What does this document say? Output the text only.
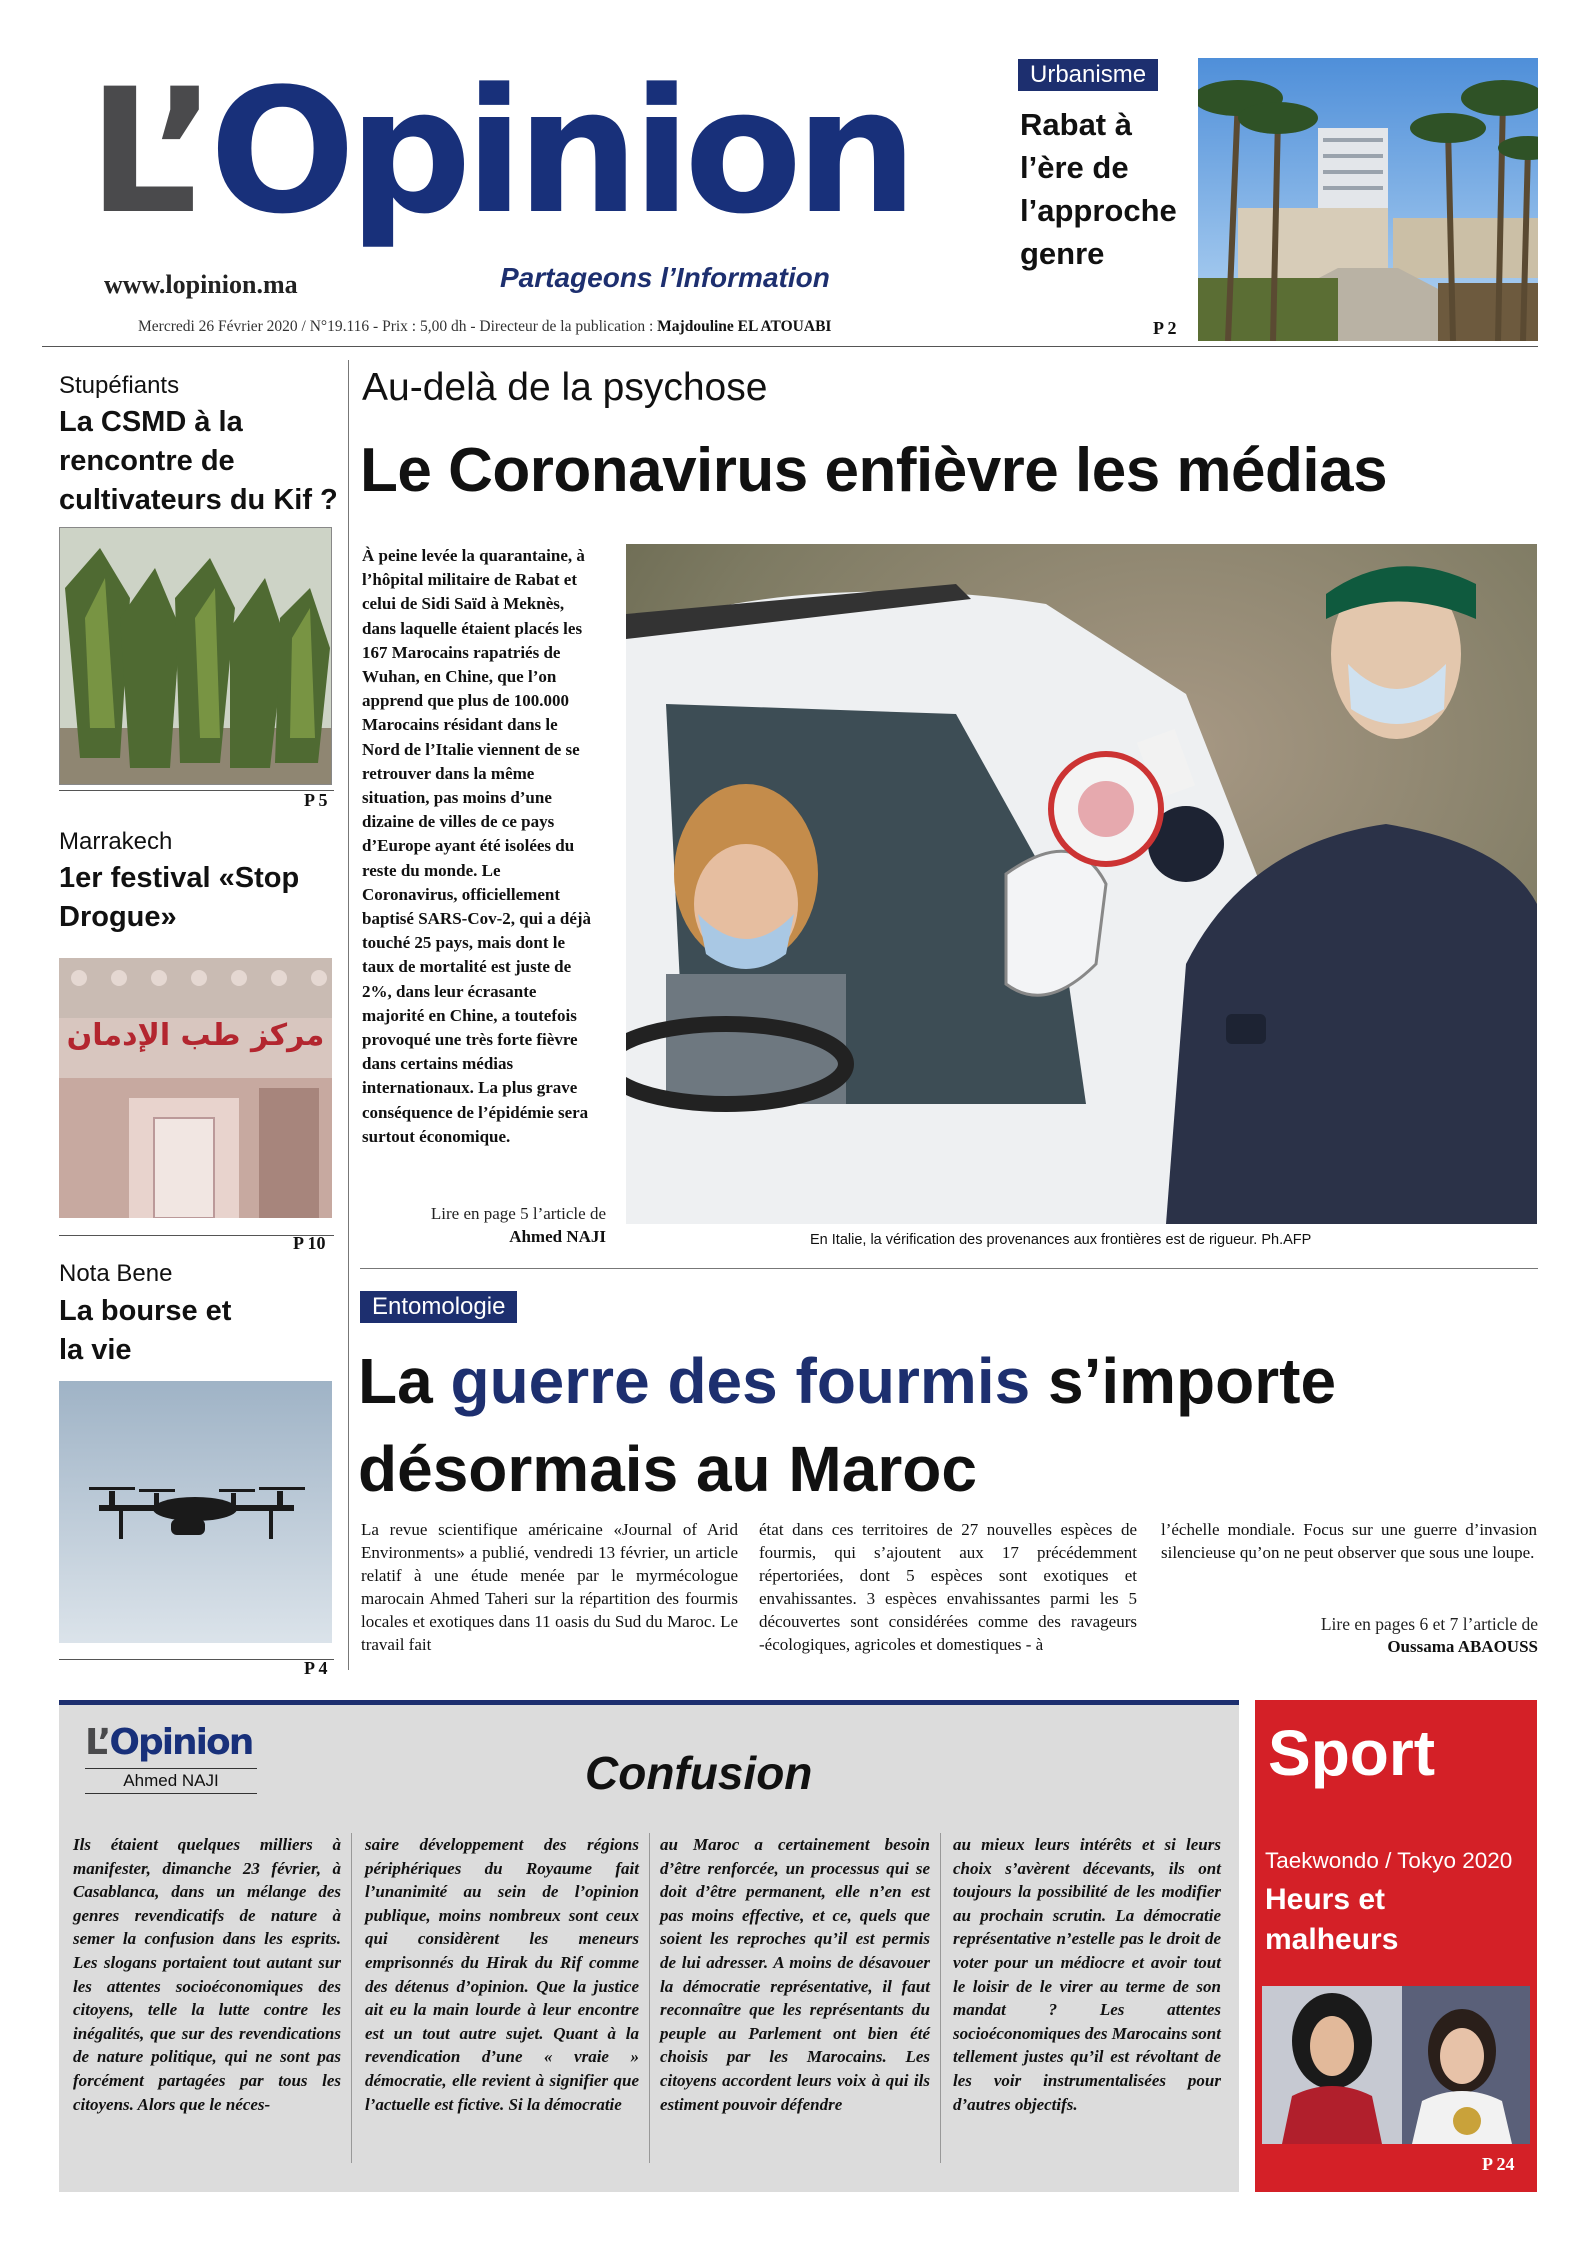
L’Opinion
www.lopinion.ma	Partageons l’Information
Mercredi 26 Février 2020 / N°19.116 - Prix : 5,00 dh - Directeur de la publication : Majdouline EL ATOUABI
Urbanisme
Rabat à l’ère de l’approche genre
P 2
Stupéfiants
La CSMD à la rencontre de cultivateurs du Kif ?
P 5
Marrakech
1er festival «Stop Drogue»
مركز طب الإدمان
P 10
Nota Bene
La bourse et la vie
P 4
Au-delà de la psychose
Le Coronavirus enfièvre les médias
À peine levée la quarantaine, à l’hôpital militaire de Rabat et celui de Sidi Saïd à Meknès, dans laquelle étaient placés les 167 Marocains rapatriés de Wuhan, en Chine, que l’on apprend que plus de 100.000 Marocains résidant dans le Nord de l’Italie viennent de se retrouver dans la même situation, pas moins d’une dizaine de villes de ce pays d’Europe ayant été isolées du reste du monde. Le Coronavirus, officiellement baptisé SARS-Cov-2, qui a déjà touché 25 pays, mais dont le taux de mortalité est juste de 2%, dans leur écrasante majorité en Chine, a toutefois provoqué une très forte fièvre dans certains médias internationaux. La plus grave conséquence de l’épidémie sera surtout économique.
Lire en page 5 l’article de
Ahmed NAJI	En Italie, la vérification des provenances aux frontières est de rigueur. Ph.AFP
Entomologie
La guerre des fourmis s’importe désormais au Maroc
La revue scientifique américaine «Journal of Arid Environments» a publié, vendredi 13 février, un article relatif à une étude menée par le myrmécologue marocain Ahmed Taheri sur la répartition des fourmis locales et exotiques dans 11 oasis du Sud du Maroc. Le travail fait
état dans ces territoires de 27 nouvelles espèces de fourmis, qui s’ajoutent aux 17 précédemment répertoriées, dont 5 espèces sont exotiques et envahissantes. 3 espèces envahissantes parmi les 5 découvertes sont considérées comme des ravageurs -écologiques, agricoles et domestiques - à
l’échelle mondiale. Focus sur une guerre d’invasion silencieuse qu’on ne peut observer que sous une loupe.
Lire en pages 6 et 7 l’article de
Oussama ABAOUSS
L’Opinion
Ahmed NAJI	Confusion
Ils étaient quelques milliers à manifester, dimanche 23 février, à Casablanca, dans un mélange des genres revendicatifs de nature à semer la confusion dans les esprits. Les slogans portaient tout autant sur les attentes socioéconomiques des citoyens, telle la lutte contre les inégalités, que sur des revendications de nature politique, qui ne sont pas forcément partagées par tous les citoyens. Alors que le néces-
saire développement des régions périphériques du Royaume fait l’unanimité au sein de l’opinion publique, moins nombreux sont ceux qui considèrent les meneurs emprisonnés du Hirak du Rif comme des détenus d’opinion. Que la justice ait eu la main lourde à leur encontre est un tout autre sujet. Quant à la revendication d’une « vraie » démocratie, elle revient à signifier que l’actuelle est fictive. Si la démocratie
au Maroc a certainement besoin d’être renforcée, un processus qui se doit d’être permanent, elle n’en est pas moins effective, et ce, quels que soient les reproches qu’il est permis de lui adresser. A moins de désavouer la démocratie représentative, il faut reconnaître que les représentants du peuple au Parlement ont bien été choisis par les Marocains. Les citoyens accordent leurs voix à qui ils estiment pouvoir défendre
au mieux leurs intérêts et si leurs choix s’avèrent décevants, ils ont toujours la possibilité de les modifier au prochain scrutin. La démocratie représentative n’estelle pas le droit de voter pour un médiocre et avoir tout le loisir de le virer au terme de son mandat ? Les attentes socioéconomiques des Marocains sont tellement justes qu’il est révoltant de les voir instrumentalisées pour d’autres objectifs.
Sport
Taekwondo / Tokyo 2020
Heurs et malheurs
P 24
